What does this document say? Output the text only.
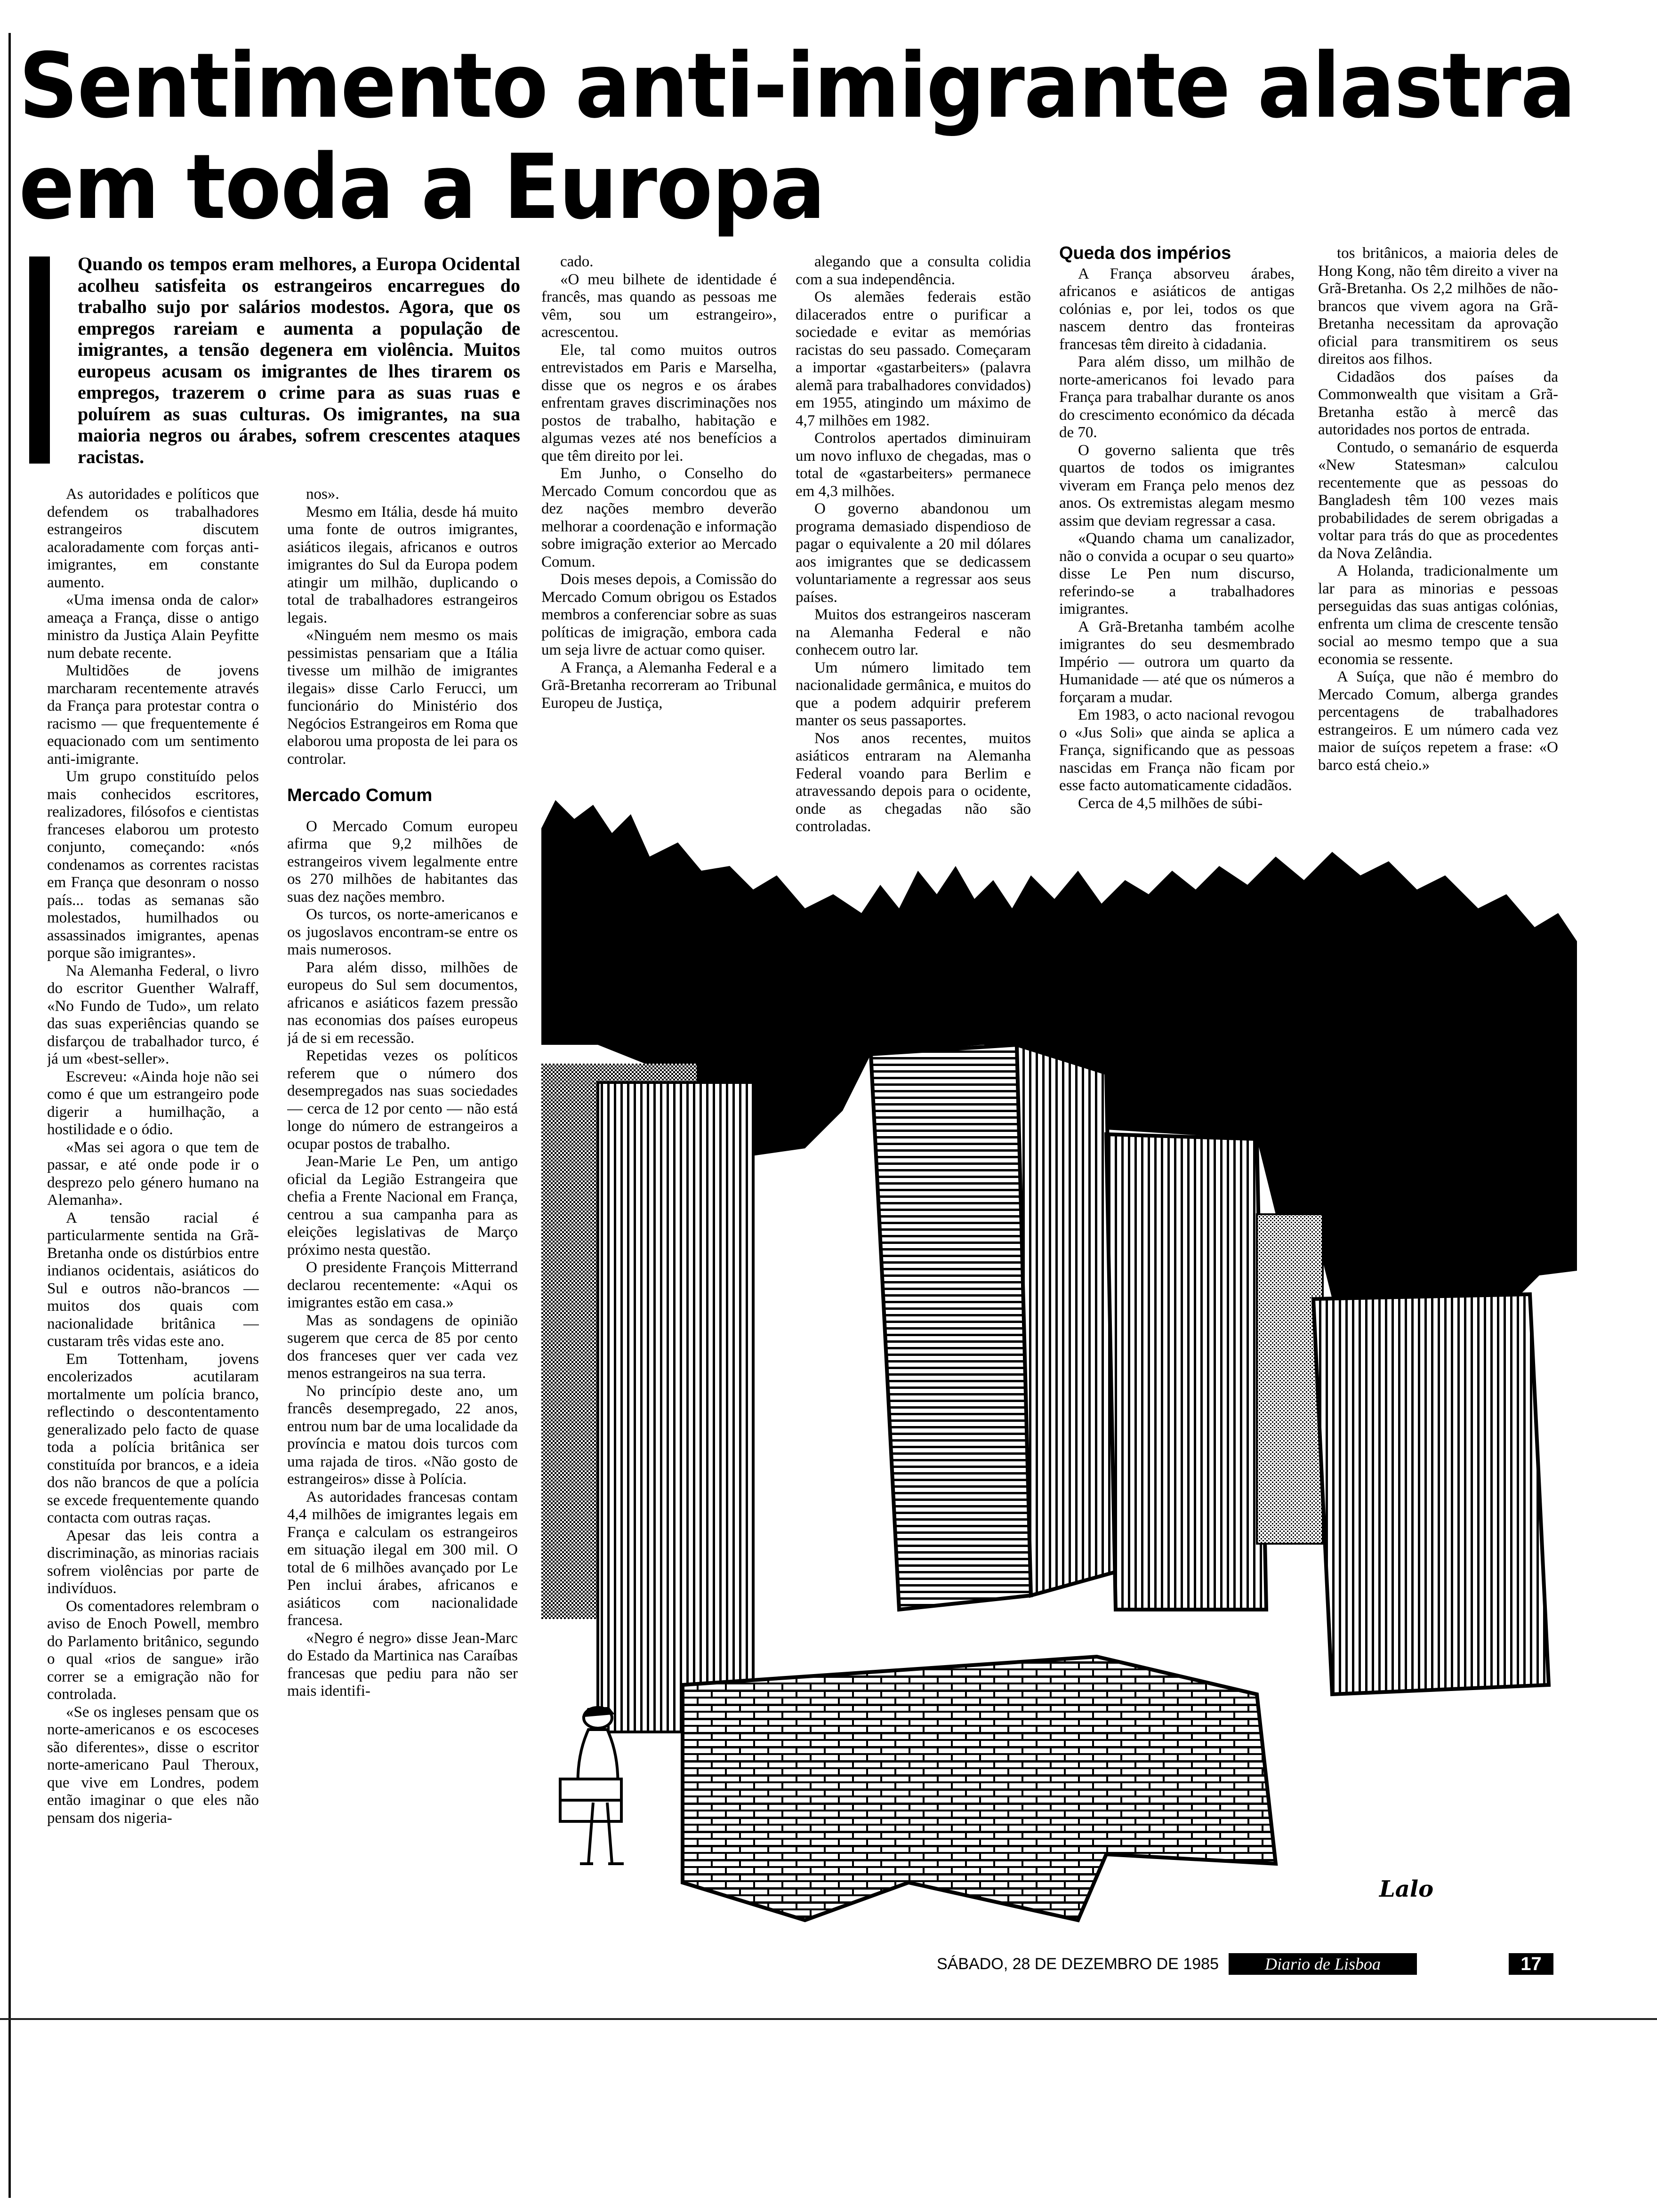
Sentimento anti-imigrante alastra
em toda a Europa

Quando os tempos eram melhores, a Europa Ocidental acolheu satisfeita os estrangeiros encarregues do trabalho sujo por salários modestos. Agora, que os empregos rareiam e aumenta a população de imigrantes, a tensão degenera em violência. Muitos europeus acusam os imigrantes de lhes tirarem os empregos, trazerem o crime para as suas ruas e poluírem as suas culturas. Os imigrantes, na sua maioria negros ou árabes, sofrem crescentes ataques racistas.

As autoridades e políticos que defendem os trabalhadores estrangeiros discutem acaloradamente com forças anti-imigrantes, em constante aumento.

«Uma imensa onda de calor» ameaça a França, disse o antigo ministro da Justiça Alain Peyfitte num debate recente.

Multidões de jovens marcharam recentemente através da França para protestar contra o racismo — que frequentemente é equacionado com um sentimento anti-imigrante.

Um grupo constituído pelos mais conhecidos escritores, realizadores, filósofos e cientistas franceses elaborou um protesto conjunto, começando: «nós condenamos as correntes racistas em França que desonram o nosso país... todas as semanas são molestados, humilhados ou assassinados imigrantes, apenas porque são imigrantes».

Na Alemanha Federal, o livro do escritor Guenther Walraff, «No Fundo de Tudo», um relato das suas experiências quando se disfarçou de trabalhador turco, é já um «best-seller».

Escreveu: «Ainda hoje não sei como é que um estrangeiro pode digerir a humilhação, a hostilidade e o ódio.

«Mas sei agora o que tem de passar, e até onde pode ir o desprezo pelo género humano na Alemanha».

A tensão racial é particularmente sentida na Grã-Bretanha onde os distúrbios entre indianos ocidentais, asiáticos do Sul e outros não-brancos — muitos dos quais com nacionalidade britânica — custaram três vidas este ano.

Em Tottenham, jovens encolerizados acutilaram mortalmente um polícia branco, reflectindo o descontentamento generalizado pelo facto de quase toda a polícia britânica ser constituída por brancos, e a ideia dos não brancos de que a polícia se excede frequentemente quando contacta com outras raças.

Apesar das leis contra a discriminação, as minorias raciais sofrem violências por parte de indivíduos.

Os comentadores relembram o aviso de Enoch Powell, membro do Parlamento britânico, segundo o qual «rios de sangue» irão correr se a emigração não for controlada.

«Se os ingleses pensam que os norte-americanos e os escoceses são diferentes», disse o escritor norte-americano Paul Theroux, que vive em Londres, podem então imaginar o que eles não pensam dos nigeria-

nos».

Mesmo em Itália, desde há muito uma fonte de outros imigrantes, asiáticos ilegais, africanos e outros imigrantes do Sul da Europa podem atingir um milhão, duplicando o total de trabalhadores estrangeiros legais.

«Ninguém nem mesmo os mais pessimistas pensariam que a Itália tivesse um milhão de imigrantes ilegais» disse Carlo Ferucci, um funcionário do Ministério dos Negócios Estrangeiros em Roma que elaborou uma proposta de lei para os controlar.

Mercado Comum

O Mercado Comum europeu afirma que 9,2 milhões de estrangeiros vivem legalmente entre os 270 milhões de habitantes das suas dez nações membro.

Os turcos, os norte-americanos e os jugoslavos encontram-se entre os mais numerosos.

Para além disso, milhões de europeus do Sul sem documentos, africanos e asiáticos fazem pressão nas economias dos países europeus já de si em recessão.

Repetidas vezes os políticos referem que o número dos desempregados nas suas sociedades — cerca de 12 por cento — não está longe do número de estrangeiros a ocupar postos de trabalho.

Jean-Marie Le Pen, um antigo oficial da Legião Estrangeira que chefia a Frente Nacional em França, centrou a sua campanha para as eleições legislativas de Março próximo nesta questão.

O presidente François Mitterrand declarou recentemente: «Aqui os imigrantes estão em casa.»

Mas as sondagens de opinião sugerem que cerca de 85 por cento dos franceses quer ver cada vez menos estrangeiros na sua terra.

No princípio deste ano, um francês desempregado, 22 anos, entrou num bar de uma localidade da província e matou dois turcos com uma rajada de tiros. «Não gosto de estrangeiros» disse à Polícia.

As autoridades francesas contam 4,4 milhões de imigrantes legais em França e calculam os estrangeiros em situação ilegal em 300 mil. O total de 6 milhões avançado por Le Pen inclui árabes, africanos e asiáticos com nacionalidade francesa.

«Negro é negro» disse Jean-Marc do Estado da Martinica nas Caraíbas francesas que pediu para não ser mais identifi-

cado.

«O meu bilhete de identidade é francês, mas quando as pessoas me vêm, sou um estrangeiro», acrescentou.

Ele, tal como muitos outros entrevistados em Paris e Marselha, disse que os negros e os árabes enfrentam graves discriminações nos postos de trabalho, habitação e algumas vezes até nos benefícios a que têm direito por lei.

Em Junho, o Conselho do Mercado Comum concordou que as dez nações membro deverão melhorar a coordenação e informação sobre imigração exterior ao Mercado Comum.

Dois meses depois, a Comissão do Mercado Comum obrigou os Estados membros a conferenciar sobre as suas políticas de imigração, embora cada um seja livre de actuar como quiser.

A França, a Alemanha Federal e a Grã-Bretanha recorreram ao Tribunal Europeu de Justiça,

alegando que a consulta colidia com a sua independência.

Os alemães federais estão dilacerados entre o purificar a sociedade e evitar as memórias racistas do seu passado. Começaram a importar «gastarbeiters» (palavra alemã para trabalhadores convidados) em 1955, atingindo um máximo de 4,7 milhões em 1982.

Controlos apertados diminuiram um novo influxo de chegadas, mas o total de «gastarbeiters» permanece em 4,3 milhões.

O governo abandonou um programa demasiado dispendioso de pagar o equivalente a 20 mil dólares aos imigrantes que se dedicassem voluntariamente a regressar aos seus países.

Muitos dos estrangeiros nasceram na Alemanha Federal e não conhecem outro lar.

Um número limitado tem nacionalidade germânica, e muitos do que a podem adquirir preferem manter os seus passaportes.

Nos anos recentes, muitos asiáticos entraram na Alemanha Federal voando para Berlim e atravessando depois para o ocidente, onde as chegadas não são controladas.

Queda dos impérios

A França absorveu árabes, africanos e asiáticos de antigas colónias e, por lei, todos os que nascem dentro das fronteiras francesas têm direito à cidadania.

Para além disso, um milhão de norte-americanos foi levado para França para trabalhar durante os anos do crescimento económico da década de 70.

O governo salienta que três quartos de todos os imigrantes viveram em França pelo menos dez anos. Os extremistas alegam mesmo assim que deviam regressar a casa.

«Quando chama um canalizador, não o convida a ocupar o seu quarto» disse Le Pen num discurso, referindo-se a trabalhadores imigrantes.

A Grã-Bretanha também acolhe imigrantes do seu desmembrado Império — outrora um quarto da Humanidade — até que os números a forçaram a mudar.

Em 1983, o acto nacional revogou o «Jus Soli» que ainda se aplica a França, significando que as pessoas nascidas em França não ficam por esse facto automaticamente cidadãos.

Cerca de 4,5 milhões de súbi-

tos britânicos, a maioria deles de Hong Kong, não têm direito a viver na Grã-Bretanha. Os 2,2 milhões de não-brancos que vivem agora na Grã-Bretanha necessitam da aprovação oficial para transmitirem os seus direitos aos filhos.

Cidadãos dos países da Commonwealth que visitam a Grã-Bretanha estão à mercê das autoridades nos portos de entrada.

Contudo, o semanário de esquerda «New Statesman» calculou recentemente que as pessoas do Bangladesh têm 100 vezes mais probabilidades de serem obrigadas a voltar para trás do que as procedentes da Nova Zelândia.

A Holanda, tradicionalmente um lar para as minorias e pessoas perseguidas das suas antigas colónias, enfrenta um clima de crescente tensão social ao mesmo tempo que a sua economia se ressente.

A Suíça, que não é membro do Mercado Comum, alberga grandes percentagens de trabalhadores estrangeiros. E um número cada vez maior de suíços repetem a frase: «O barco está cheio.»

Lalo
SÁBADO, 28 DE DEZEMBRO DE 1985	Diario de Lisboa	17
